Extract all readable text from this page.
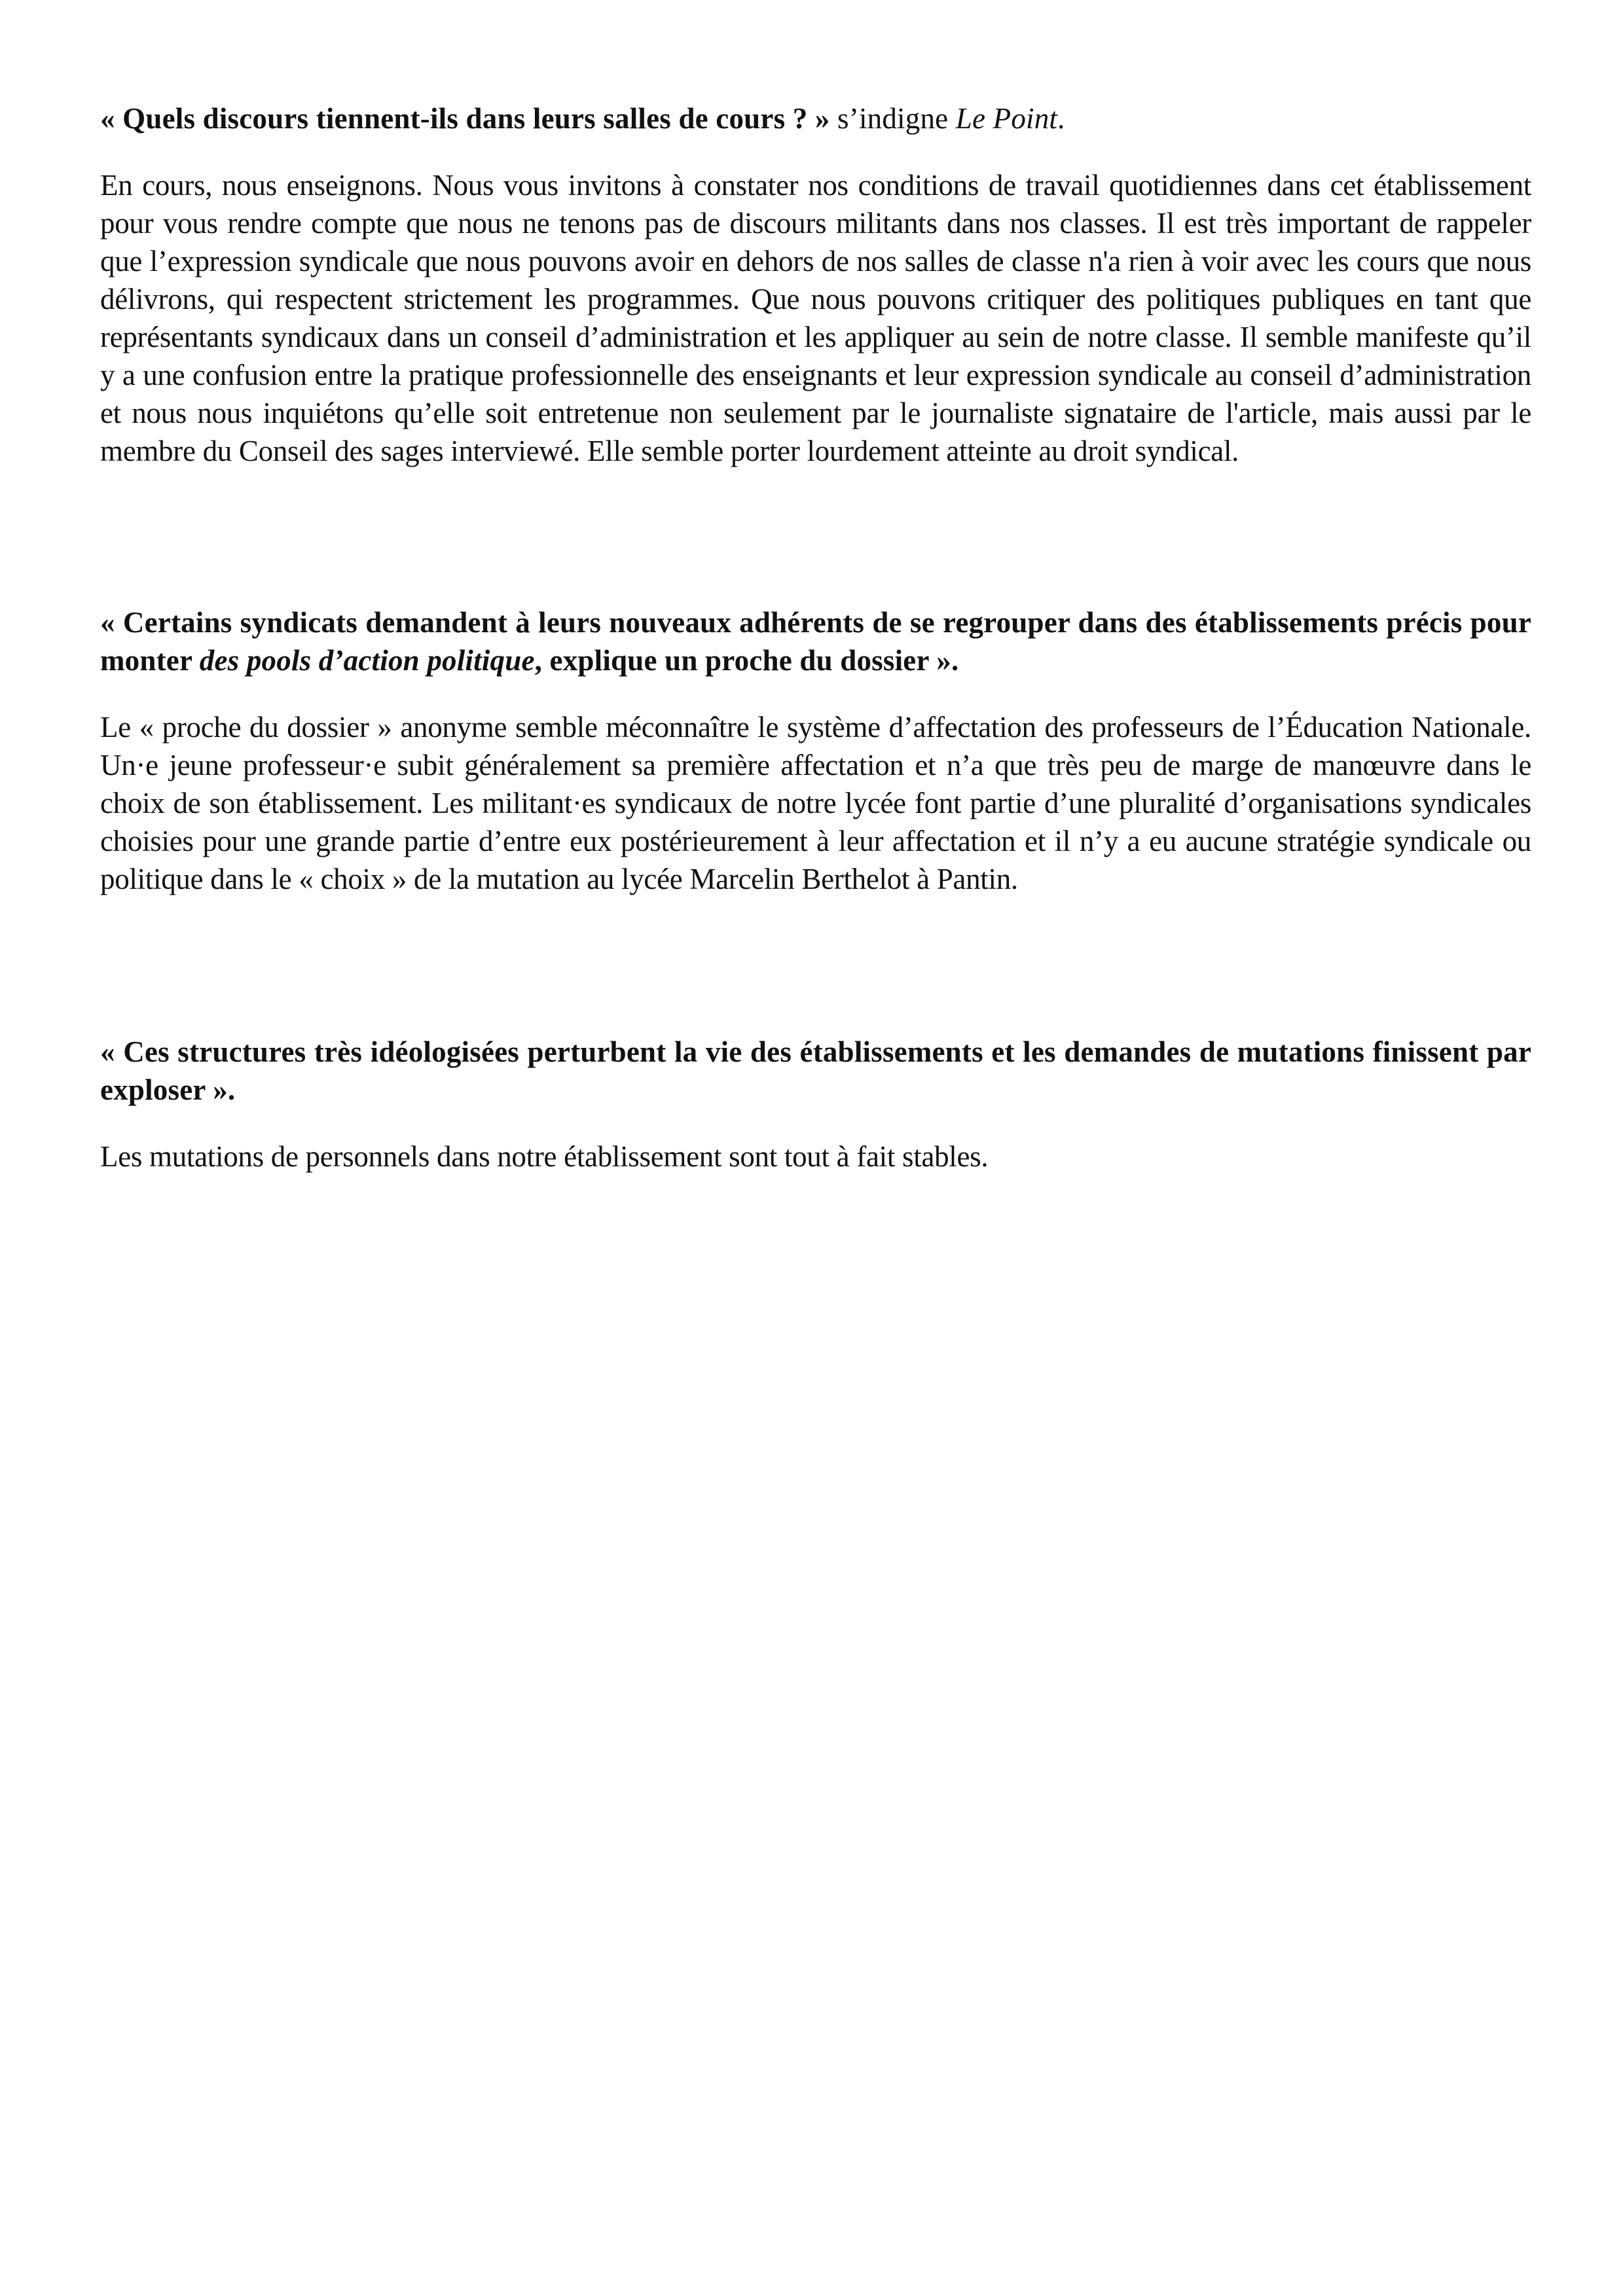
« Quels discours tiennent-ils dans leurs salles de cours ? » s’indigne Le Point.

En cours, nous enseignons. Nous vous invitons à constater nos conditions de travail quotidiennes dans cet établissement pour vous rendre compte que nous ne tenons pas de discours militants dans nos classes. Il est très important de rappeler que l’expression syndicale que nous pouvons avoir en dehors de nos salles de classe n'a rien à voir avec les cours que nous délivrons, qui respectent strictement les programmes. Que nous pouvons critiquer des politiques publiques en tant que représentants syndicaux dans un conseil d’administration et les appliquer au sein de notre classe. Il semble manifeste qu’il y a une confusion entre la pratique professionnelle des enseignants et leur expression syndicale au conseil d’administration et nous nous inquiétons qu’elle soit entretenue non seulement par le journaliste signataire de l'article, mais aussi par le membre du Conseil des sages interviewé. Elle semble porter lourdement atteinte au droit syndical.

« Certains syndicats demandent à leurs nouveaux adhérents de se regrouper dans des établissements précis pour monter des pools d’action politique, explique un proche du dossier ».

Le « proche du dossier » anonyme semble méconnaître le système d’affectation des professeurs de l’Éducation Nationale. Un·e jeune professeur·e subit généralement sa première affectation et n’a que très peu de marge de manœuvre dans le choix de son établissement. Les militant·es syndicaux de notre lycée font partie d’une pluralité d’organisations syndicales choisies pour une grande partie d’entre eux postérieurement à leur affectation et il n’y a eu aucune stratégie syndicale ou politique dans le « choix » de la mutation au lycée Marcelin Berthelot à Pantin.

« Ces structures très idéologisées perturbent la vie des établissements et les demandes de mutations finissent par exploser ».

Les mutations de personnels dans notre établissement sont tout à fait stables.
